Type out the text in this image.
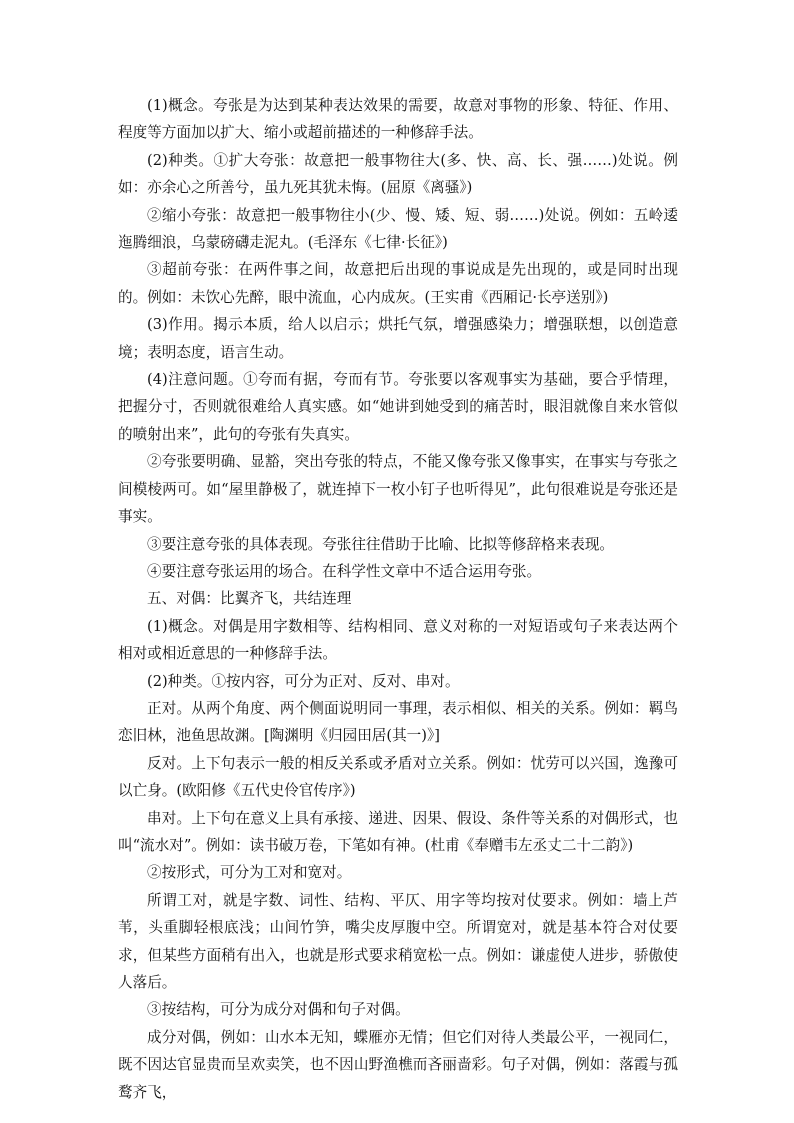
(1)概念。夸张是为达到某种表达效果的需要，故意对事物的形象、特征、作用、程度等方面加以扩大、缩小或超前描述的一种修辞手法。

(2)种类。①扩大夸张：故意把一般事物往大(多、快、高、长、强……)处说。例如：亦余心之所善兮，虽九死其犹未悔。(屈原《离骚》)

②缩小夸张：故意把一般事物往小(少、慢、矮、短、弱……)处说。例如：五岭逶迤腾细浪，乌蒙磅礴走泥丸。(毛泽东《七律·长征》)

③超前夸张：在两件事之间，故意把后出现的事说成是先出现的，或是同时出现的。例如：未饮心先醉，眼中流血，心内成灰。(王实甫《西厢记·长亭送别》)

(3)作用。揭示本质，给人以启示；烘托气氛，增强感染力；增强联想，以创造意境；表明态度，语言生动。

(4)注意问题。①夸而有据，夸而有节。夸张要以客观事实为基础，要合乎情理，把握分寸，否则就很难给人真实感。如“她讲到她受到的痛苦时，眼泪就像自来水管似的喷射出来”，此句的夸张有失真实。

②夸张要明确、显豁，突出夸张的特点，不能又像夸张又像事实，在事实与夸张之间模棱两可。如“屋里静极了，就连掉下一枚小钉子也听得见”，此句很难说是夸张还是事实。

③要注意夸张的具体表现。夸张往往借助于比喻、比拟等修辞格来表现。

④要注意夸张运用的场合。在科学性文章中不适合运用夸张。

五、对偶：比翼齐飞，共结连理

(1)概念。对偶是用字数相等、结构相同、意义对称的一对短语或句子来表达两个相对或相近意思的一种修辞手法。

(2)种类。①按内容，可分为正对、反对、串对。

正对。从两个角度、两个侧面说明同一事理，表示相似、相关的关系。例如：羁鸟恋旧林，池鱼思故渊。[陶渊明《归园田居(其一)》]

反对。上下句表示一般的相反关系或矛盾对立关系。例如：忧劳可以兴国，逸豫可以亡身。(欧阳修《五代史伶官传序》)

串对。上下句在意义上具有承接、递进、因果、假设、条件等关系的对偶形式，也叫“流水对”。例如：读书破万卷，下笔如有神。(杜甫《奉赠韦左丞丈二十二韵》)

②按形式，可分为工对和宽对。

所谓工对，就是字数、词性、结构、平仄、用字等均按对仗要求。例如：墙上芦苇，头重脚轻根底浅；山间竹笋，嘴尖皮厚腹中空。所谓宽对，就是基本符合对仗要求，但某些方面稍有出入，也就是形式要求稍宽松一点。例如：谦虚使人进步，骄傲使人落后。

③按结构，可分为成分对偶和句子对偶。

成分对偶，例如：山水本无知，蝶雁亦无情；但它们对待人类最公平，一视同仁，既不因达官显贵而呈欢卖笑，也不因山野渔樵而吝丽啬彩。句子对偶，例如：落霞与孤鹜齐飞，
